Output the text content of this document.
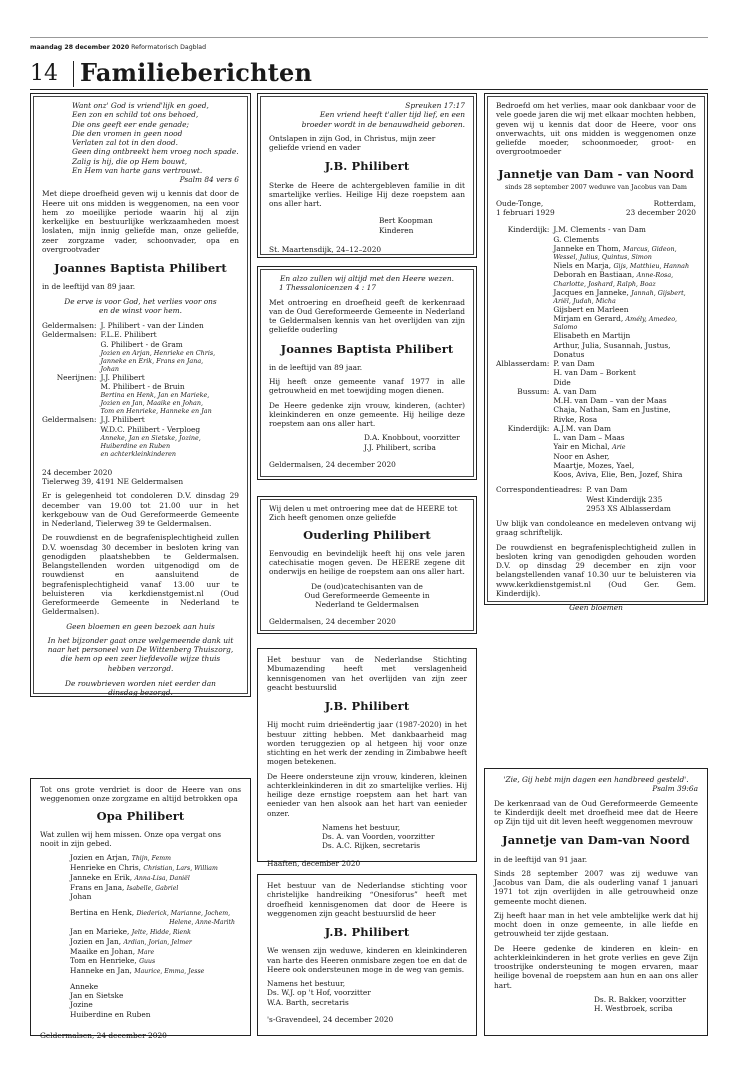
maandag 28 december 2020 Reformatorisch Dagblad
14 Familieberichten
Want onz' God is vriend'lijk en goed,
Een zon en schild tot ons behoed,
Die ons geeft eer ende genade;
Die den vromen in geen nood
Verlaten zal tot in den dood.
Geen ding ontbreekt hem vroeg noch spade.
Zalig is hij, die op Hem bouwt,
En Hem van harte gans vertrouwt.
Psalm 84 vers 6

Met diepe droefheid geven wij u kennis dat door de Heere uit ons midden is weggenomen, na een voor hem zo moeilijke periode waarin hij al zijn kerkelijke en bestuurlijke werkzaamheden moest loslaten, mijn innig geliefde man, onze geliefde, zeer zorgzame vader, schoonvader, opa en overgrootvader

Joannes Baptista Philibert

in de leeftijd van 89 jaar.

De erve is voor God, het verlies voor ons
en de winst voor hem.
Geldermalsen: J. Philibert - van der Linden
Geldermalsen: F.L.E. Philibert
G. Philibert - de Gram
Jozien en Arjan, Henrieke en Chris,
Janneke en Erik, Frans en Jana,
Johan
Neerijnen: J.J. Philibert
M. Philibert - de Bruin
Bertina en Henk, Jan en Marieke,
Jozien en Jan, Maaike en Johan,
Tom en Henrieke, Hanneke en Jan
Geldermalsen: J.J. Philibert
W.D.C. Philibert - Verploeg
Anneke, Jan en Sietske, Jozine,
Huiberdine en Ruben
en achterkleinkinderen
24 december 2020

Tielerweg 39, 4191 NE Geldermalsen

Er is gelegenheid tot condoleren D.V. dinsdag 29 december van 19.00 tot 21.00 uur in het kerkgebouw van de Oud Gereformeerde Gemeente in Nederland, Tielerweg 39 te Geldermalsen.

De rouwdienst en de begrafenisplechtigheid zullen D.V. woensdag 30 december in besloten kring van genodigden plaatshebben te Geldermalsen. Belangstellenden worden uitgenodigd om de rouwdienst en aansluitend de begrafenisplechtigheid vanaf 13.00 uur te beluisteren via kerkdienstgemist.nl (Oud Gereformeerde Gemeente in Nederland te Geldermalsen).

Geen bloemen en geen bezoek aan huis

In het bijzonder gaat onze welgemeende dank uit
naar het personeel van De Wittenberg Thuiszorg,
die hem op een zeer liefdevolle wijze thuis
hebben verzorgd.
De rouwbrieven worden niet eerder dan
dinsdag bezorgd.

Tot ons grote verdriet is door de Heere van ons weggenomen onze zorgzame en altijd betrokken opa

Opa Philibert

Wat zullen wij hem missen. Onze opa vergat ons nooit in zijn gebed.

Jozien en Arjan, Thijn, Femm
Henrieke en Chris, Christian, Lars, William
Janneke en Erik, Anna-Lisa, Daniël
Frans en Jana, Isabelle, Gabriel
Johan
Bertina en Henk, Diederick, Marianne, Jochem,
Helene, Anne-Marith
Jan en Marieke, Jelte, Hidde, Rienk
Jozien en Jan, Ardian, Jorian, Jelmer
Maaike en Johan, Mare
Tom en Henrieke, Guus
Hanneke en Jan, Maurice, Emma, Jesse
Anneke
Jan en Sietske
Jozine
Huiberdine en Ruben
Geldermalsen, 24 december 2020
Spreuken 17:17
Een vriend heeft t'aller tijd lief, en een
broeder wordt in de benauwdheid geboren.

Ontslapen in zijn God, in Christus, mijn zeer geliefde vriend en vader

J.B. Philibert

Sterke de Heere de achtergebleven familie in dit smartelijke verlies. Heilige Hij deze roepstem aan ons aller hart.

Bert Koopman
Kinderen
St. Maartensdijk, 24–12–2020
En alzo zullen wij altijd met den Heere wezen.
1 Thessalonicenzen 4 : 17

Met ontroering en droefheid geeft de kerkenraad van de Oud Gereformeerde Gemeente in Nederland te Geldermalsen kennis van het overlijden van zijn geliefde ouderling

Joannes Baptista Philibert

in de leeftijd van 89 jaar.

Hij heeft onze gemeente vanaf 1977 in alle getrouwheid en met toewijding mogen dienen.

De Heere gedenke zijn vrouw, kinderen, (achter) kleinkinderen en onze gemeente. Hij heilige deze roepstem aan ons aller hart.

D.A. Knobbout, voorzitter
J.J. Philibert, scriba
Geldermalsen, 24 december 2020

Wij delen u met ontroering mee dat de HEERE tot Zich heeft genomen onze geliefde

Ouderling Philibert

Eenvoudig en bevindelijk heeft hij ons vele jaren catechisatie mogen geven. De HEERE zegene dit onderwijs en heilige de roepstem aan ons aller hart.

De (oud)catechisanten van de
Oud Gereformeerde Gemeente in
Nederland te Geldermalsen
Geldermalsen, 24 december 2020

Het bestuur van de Nederlandse Stichting Mbumazending heeft met verslagenheid kennisgenomen van het overlijden van zijn zeer geacht bestuurslid

J.B. Philibert

Hij mocht ruim drieëndertig jaar (1987-2020) in het bestuur zitting hebben. Met dankbaarheid mag worden teruggezien op al hetgeen hij voor onze stichting en het werk der zending in Zimbabwe heeft mogen betekenen.

De Heere ondersteune zijn vrouw, kinderen, kleinen achterkleinkinderen in dit zo smartelijke verlies. Hij heilige deze ernstige roepstem aan het hart van eenieder van hen alsook aan het hart van eenieder onzer.

Namens het bestuur,
Ds. A. van Voorden, voorzitter
Ds. A.C. Rijken, secretaris
Haaften, december 2020

Het bestuur van de Nederlandse stichting voor christelijke handreiking “Onesiforus” heeft met droefheid kennisgenomen dat door de Heere is weggenomen zijn geacht bestuurslid de heer

J.B. Philibert

We wensen zijn weduwe, kinderen en kleinkinderen van harte des Heeren onmisbare zegen toe en dat de Heere ook ondersteunen moge in de weg van gemis.

Namens het bestuur,
Ds. W.J. op 't Hof, voorzitter
W.A. Barth, secretaris
's-Gravendeel, 24 december 2020

Bedroefd om het verlies, maar ook dankbaar voor de vele goede jaren die wij met elkaar mochten hebben, geven wij u kennis dat door de Heere, voor ons onverwachts, uit ons midden is weggenomen onze geliefde moeder, schoonmoeder, groot- en overgrootmoeder

Jannetje van Dam - van Noord
sinds 28 september 2007 weduwe van Jacobus van Dam
Oude-Tonge,
1 februari 1929
Rotterdam,
23 december 2020
Kinderdijk: J.M. Clements - van Dam
G. Clements
Janneke en Thom, Marcus, Gideon,
Wessel, Julius, Quintus, Simon
Niels en Marja, Gijs, Matthieu, Hannah
Deborah en Bastiaan, Anne-Rosa,
Charlotte, Joshard, Ralph, Boaz
Jacques en Janneke, Jannah, Gijsbert,
Ariël, Judah, Micha
Gijsbert en Marleen
Mirjam en Gerard, Amély, Amedeo,
Salomo
Elisabeth en Martijn
Arthur, Julia, Susannah, Justus,
Donatus
Alblasserdam: P. van Dam
H. van Dam – Borkent
Dide
Bussum: A. van Dam
M.H. van Dam – van der Maas
Chaja, Nathan, Sam en Justine,
Rivke, Rosa
Kinderdijk: A.J.M. van Dam
L. van Dam – Maas
Yair en Michal, Arie
Noor en Asher,
Maartje, Mozes, Yael,
Koos, Aviva, Elie, Ben, Jozef, Shira
Correspondentieadres: P. van Dam
West Kinderdijk 235
2953 XS Alblasserdam

Uw blijk van condoleance en medeleven ontvang wij graag schriftelijk.

De rouwdienst en begrafenisplechtigheid zullen in besloten kring van genodigden gehouden worden D.V. op dinsdag 29 december en zijn voor belangstellenden vanaf 10.30 uur te beluisteren via www.kerkdienstgemist.nl (Oud Ger. Gem. Kinderdijk).

Geen bloemen

'Zie, Gij hebt mijn dagen een handbreed gesteld'.
Psalm 39:6a

De kerkenraad van de Oud Gereformeerde Gemeente te Kinderdijk deelt met droefheid mee dat de Heere op Zijn tijd uit dit leven heeft weggenomen mevrouw

Jannetje van Dam-van Noord

in de leeftijd van 91 jaar.

Sinds 28 september 2007 was zij weduwe van Jacobus van Dam, die als ouderling vanaf 1 januari 1971 tot zijn overlijden in alle getrouwheid onze gemeente mocht dienen.

Zij heeft haar man in het vele ambtelijke werk dat hij mocht doen in onze gemeente, in alle liefde en getrouwheid ter zijde gestaan.

De Heere gedenke de kinderen en klein- en achterkleinkinderen in het grote verlies en geve Zijn troostrijke ondersteuning te mogen ervaren, maar heilige bovenal de roepstem aan hun en aan ons aller hart.

Ds. R. Bakker, voorzitter
H. Westbroek, scriba
